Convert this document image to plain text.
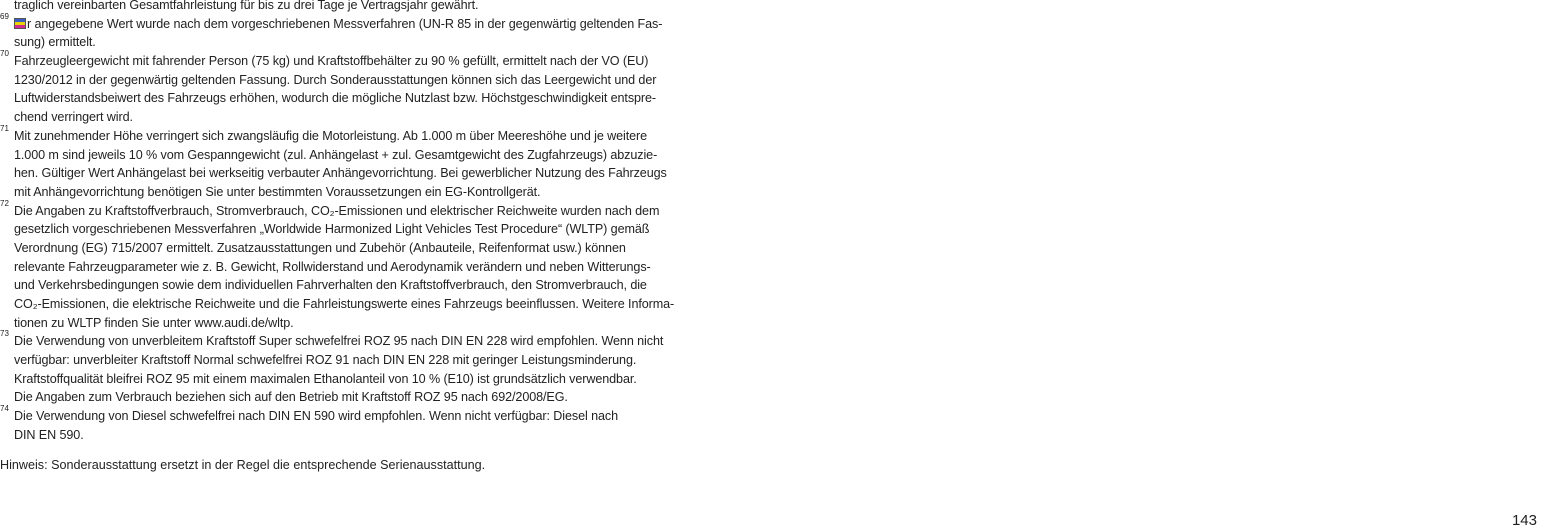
traglich vereinbarten Gesamtfahrleistung für bis zu drei Tage je Vertragsjahr gewährt.
69
r angegebene Wert wurde nach dem vorgeschriebenen Messverfahren (UN-R 85 in der gegenwärtig geltenden Fas-
sung) ermittelt.
70
Fahrzeugleergewicht mit fahrender Person (75 kg) und Kraftstoffbehälter zu 90 % gefüllt, ermittelt nach der VO (EU)
1230/2012 in der gegenwärtig geltenden Fassung. Durch Sonderausstattungen können sich das Leergewicht und der
Luftwiderstandsbeiwert des Fahrzeugs erhöhen, wodurch die mögliche Nutzlast bzw. Höchstgeschwindigkeit entspre-
chend verringert wird.
71
Mit zunehmender Höhe verringert sich zwangsläufig die Motorleistung. Ab 1.000 m über Meereshöhe und je weitere
1.000 m sind jeweils 10 % vom Gespanngewicht (zul. Anhängelast + zul. Gesamtgewicht des Zugfahrzeugs) abzuzie-
hen. Gültiger Wert Anhängelast bei werkseitig verbauter Anhängevorrichtung. Bei gewerblicher Nutzung des Fahrzeugs
mit Anhängevorrichtung benötigen Sie unter bestimmten Voraussetzungen ein EG-Kontrollgerät.
72
Die Angaben zu Kraftstoffverbrauch, Stromverbrauch, CO₂-Emissionen und elektrischer Reichweite wurden nach dem
gesetzlich vorgeschriebenen Messverfahren „Worldwide Harmonized Light Vehicles Test Procedure“ (WLTP) gemäß
Verordnung (EG) 715/2007 ermittelt. Zusatzausstattungen und Zubehör (Anbauteile, Reifenformat usw.) können
relevante Fahrzeugparameter wie z. B. Gewicht, Rollwiderstand und Aerodynamik verändern und neben Witterungs-
und Verkehrsbedingungen sowie dem individuellen Fahrverhalten den Kraftstoffverbrauch, den Stromverbrauch, die
CO₂-Emissionen, die elektrische Reichweite und die Fahrleistungswerte eines Fahrzeugs beeinflussen. Weitere Informa-
tionen zu WLTP finden Sie unter www.audi.de/wltp.
73
Die Verwendung von unverbleitem Kraftstoff Super schwefelfrei ROZ 95 nach DIN EN 228 wird empfohlen. Wenn nicht
verfügbar: unverbleiter Kraftstoff Normal schwefelfrei ROZ 91 nach DIN EN 228 mit geringer Leistungsminderung.
Kraftstoffqualität bleifrei ROZ 95 mit einem maximalen Ethanolanteil von 10 % (E10) ist grundsätzlich verwendbar.
Die Angaben zum Verbrauch beziehen sich auf den Betrieb mit Kraftstoff ROZ 95 nach 692/2008/EG.
74
Die Verwendung von Diesel schwefelfrei nach DIN EN 590 wird empfohlen. Wenn nicht verfügbar: Diesel nach
DIN EN 590.
Hinweis: Sonderausstattung ersetzt in der Regel die entsprechende Serienausstattung.
143
